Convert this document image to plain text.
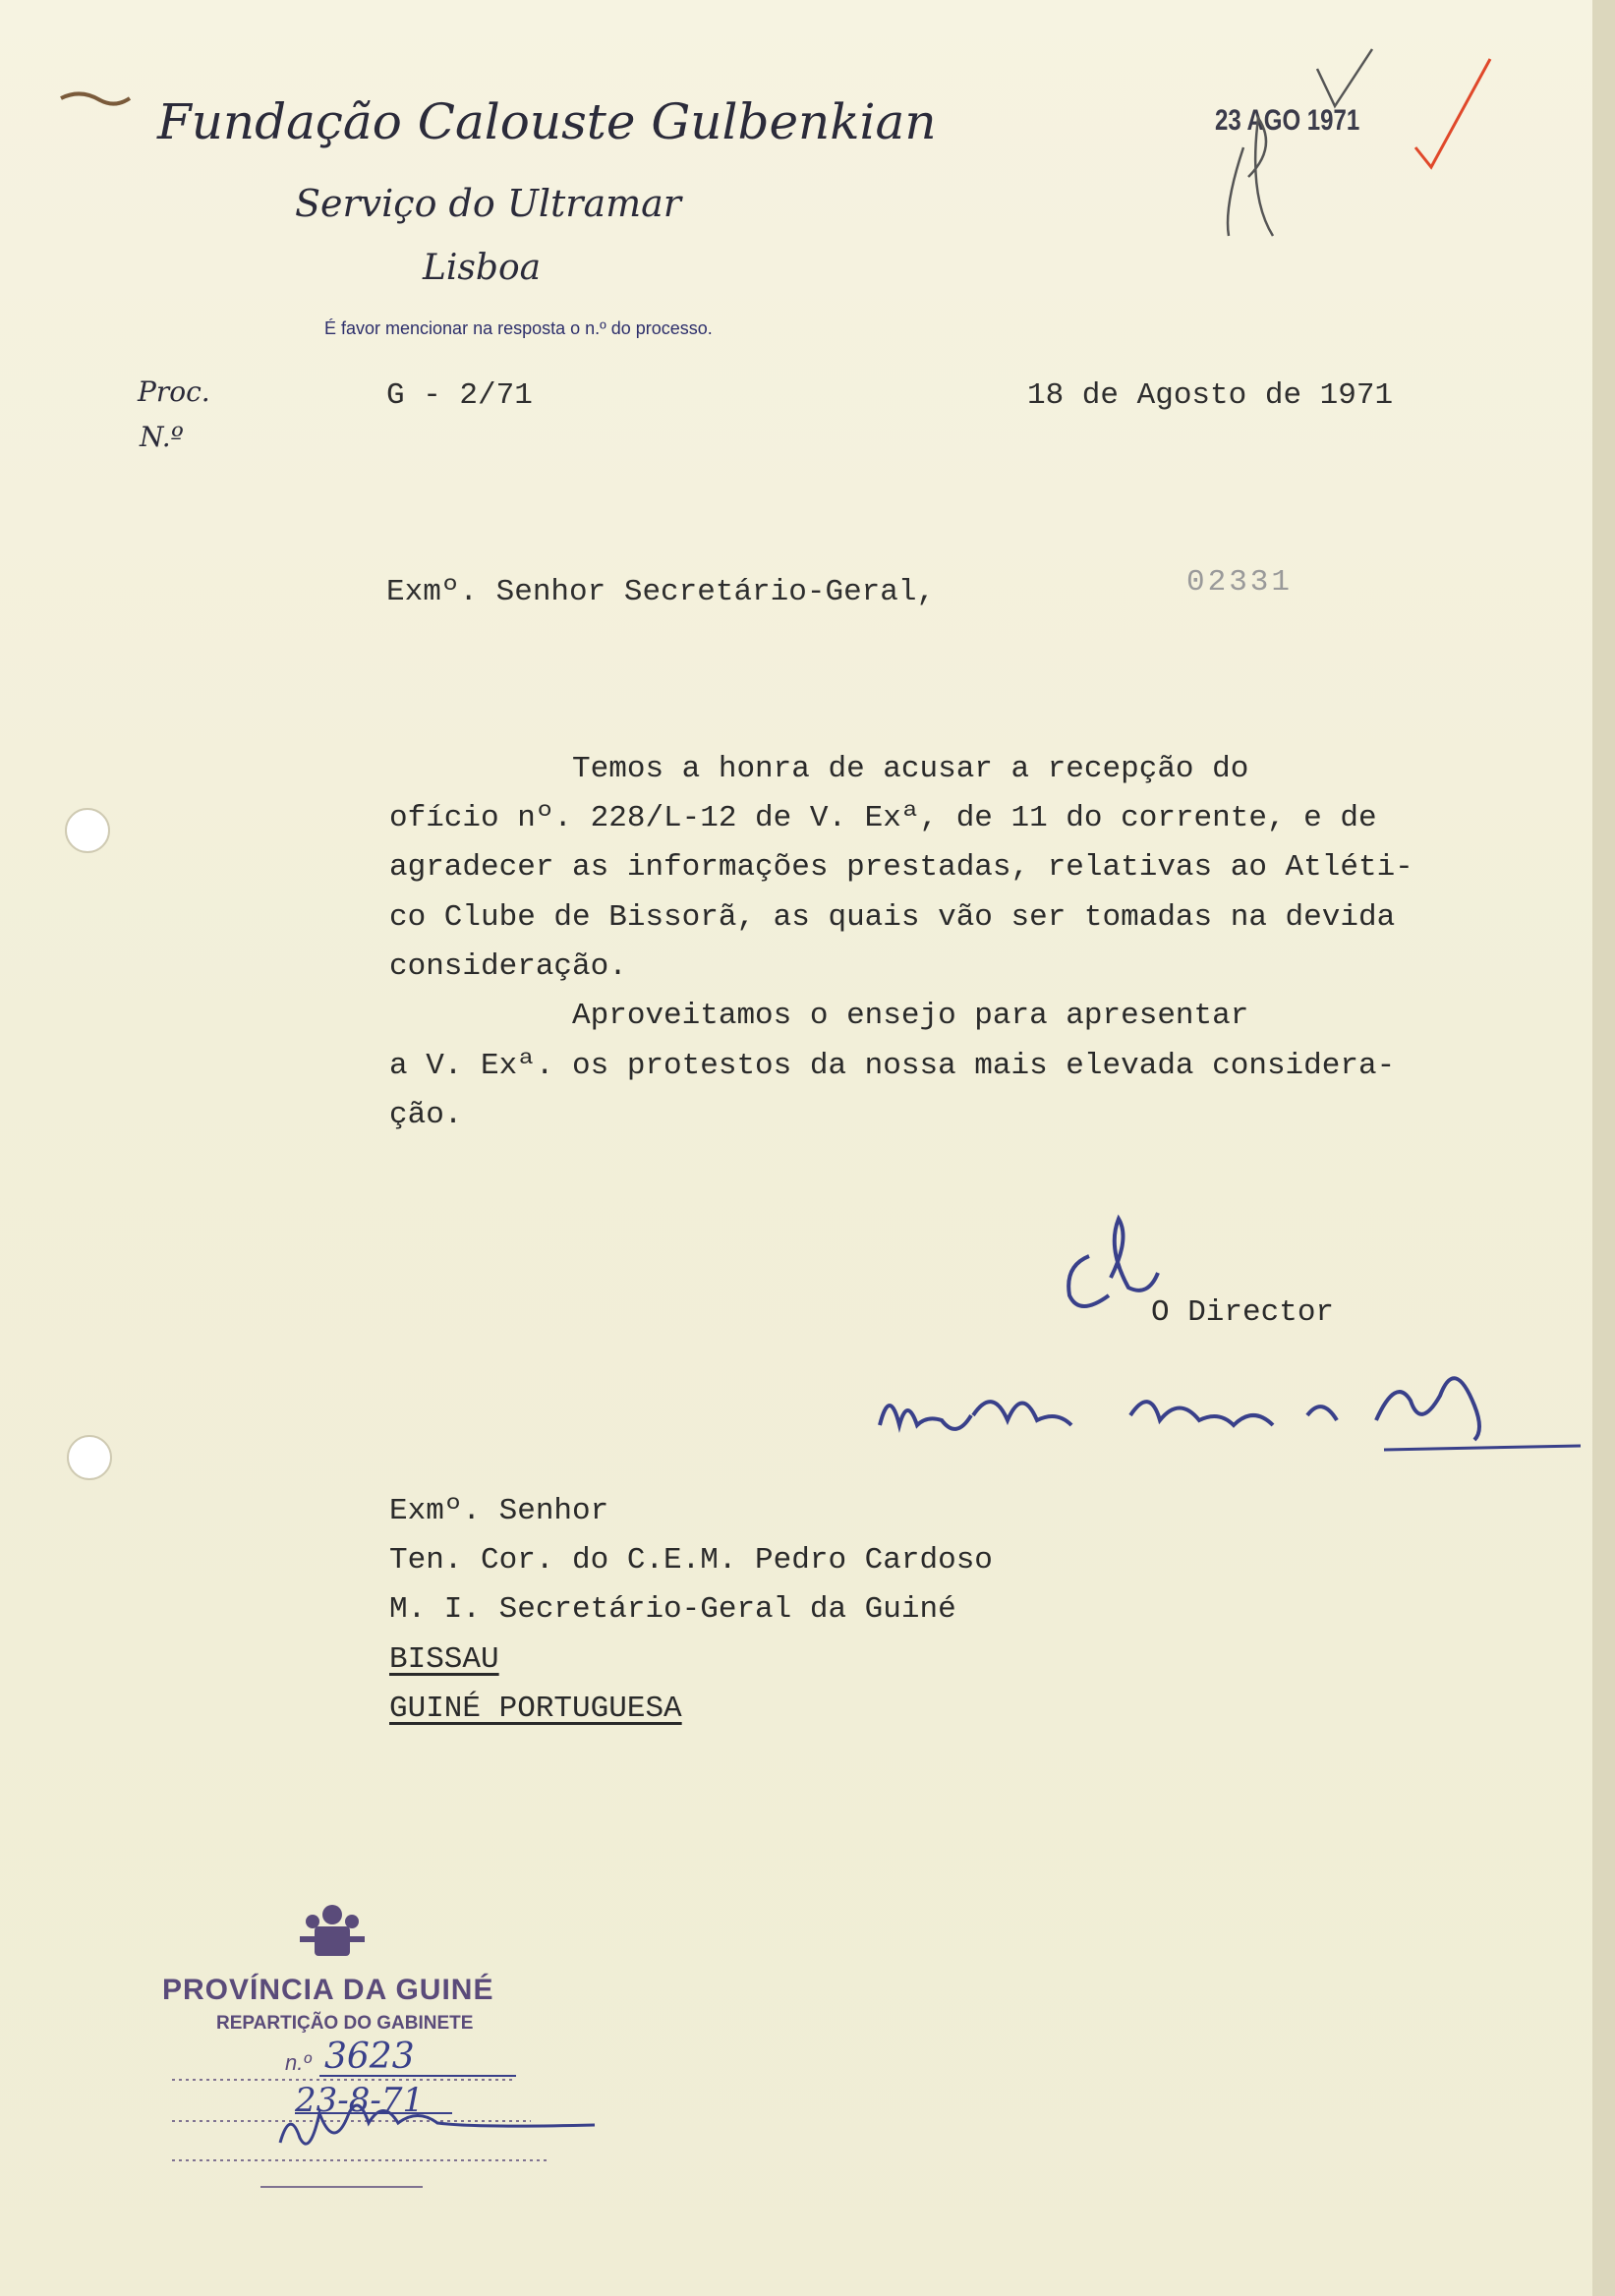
Fundação Calouste Gulbenkian
Serviço do Ultramar
Lisboa
É favor mencionar na resposta o n.º do processo.
Proc.
N.º
23 AGO 1971
G - 2/71	18 de Agosto de 1971
Exmº. Senhor Secretário-Geral,	02331
Temos a honra de acusar a recepção do
ofício nº. 228/L-12 de V. Exª, de 11 do corrente, e de
agradecer as informações prestadas, relativas ao Atléti-
co Clube de Bissorã, as quais vão ser tomadas na devida
consideração.
Aproveitamos o ensejo para apresentar
a V. Exª. os protestos da nossa mais elevada considera-
ção.
O Director
Exmº. Senhor
Ten. Cor. do C.E.M. Pedro Cardoso
M. I. Secretário-Geral da Guiné
BISSAU
GUINÉ PORTUGUESA
PROVÍNCIA DA GUINÉ
REPARTIÇÃO DO GABINETE
n.º 3623
23-8-71
